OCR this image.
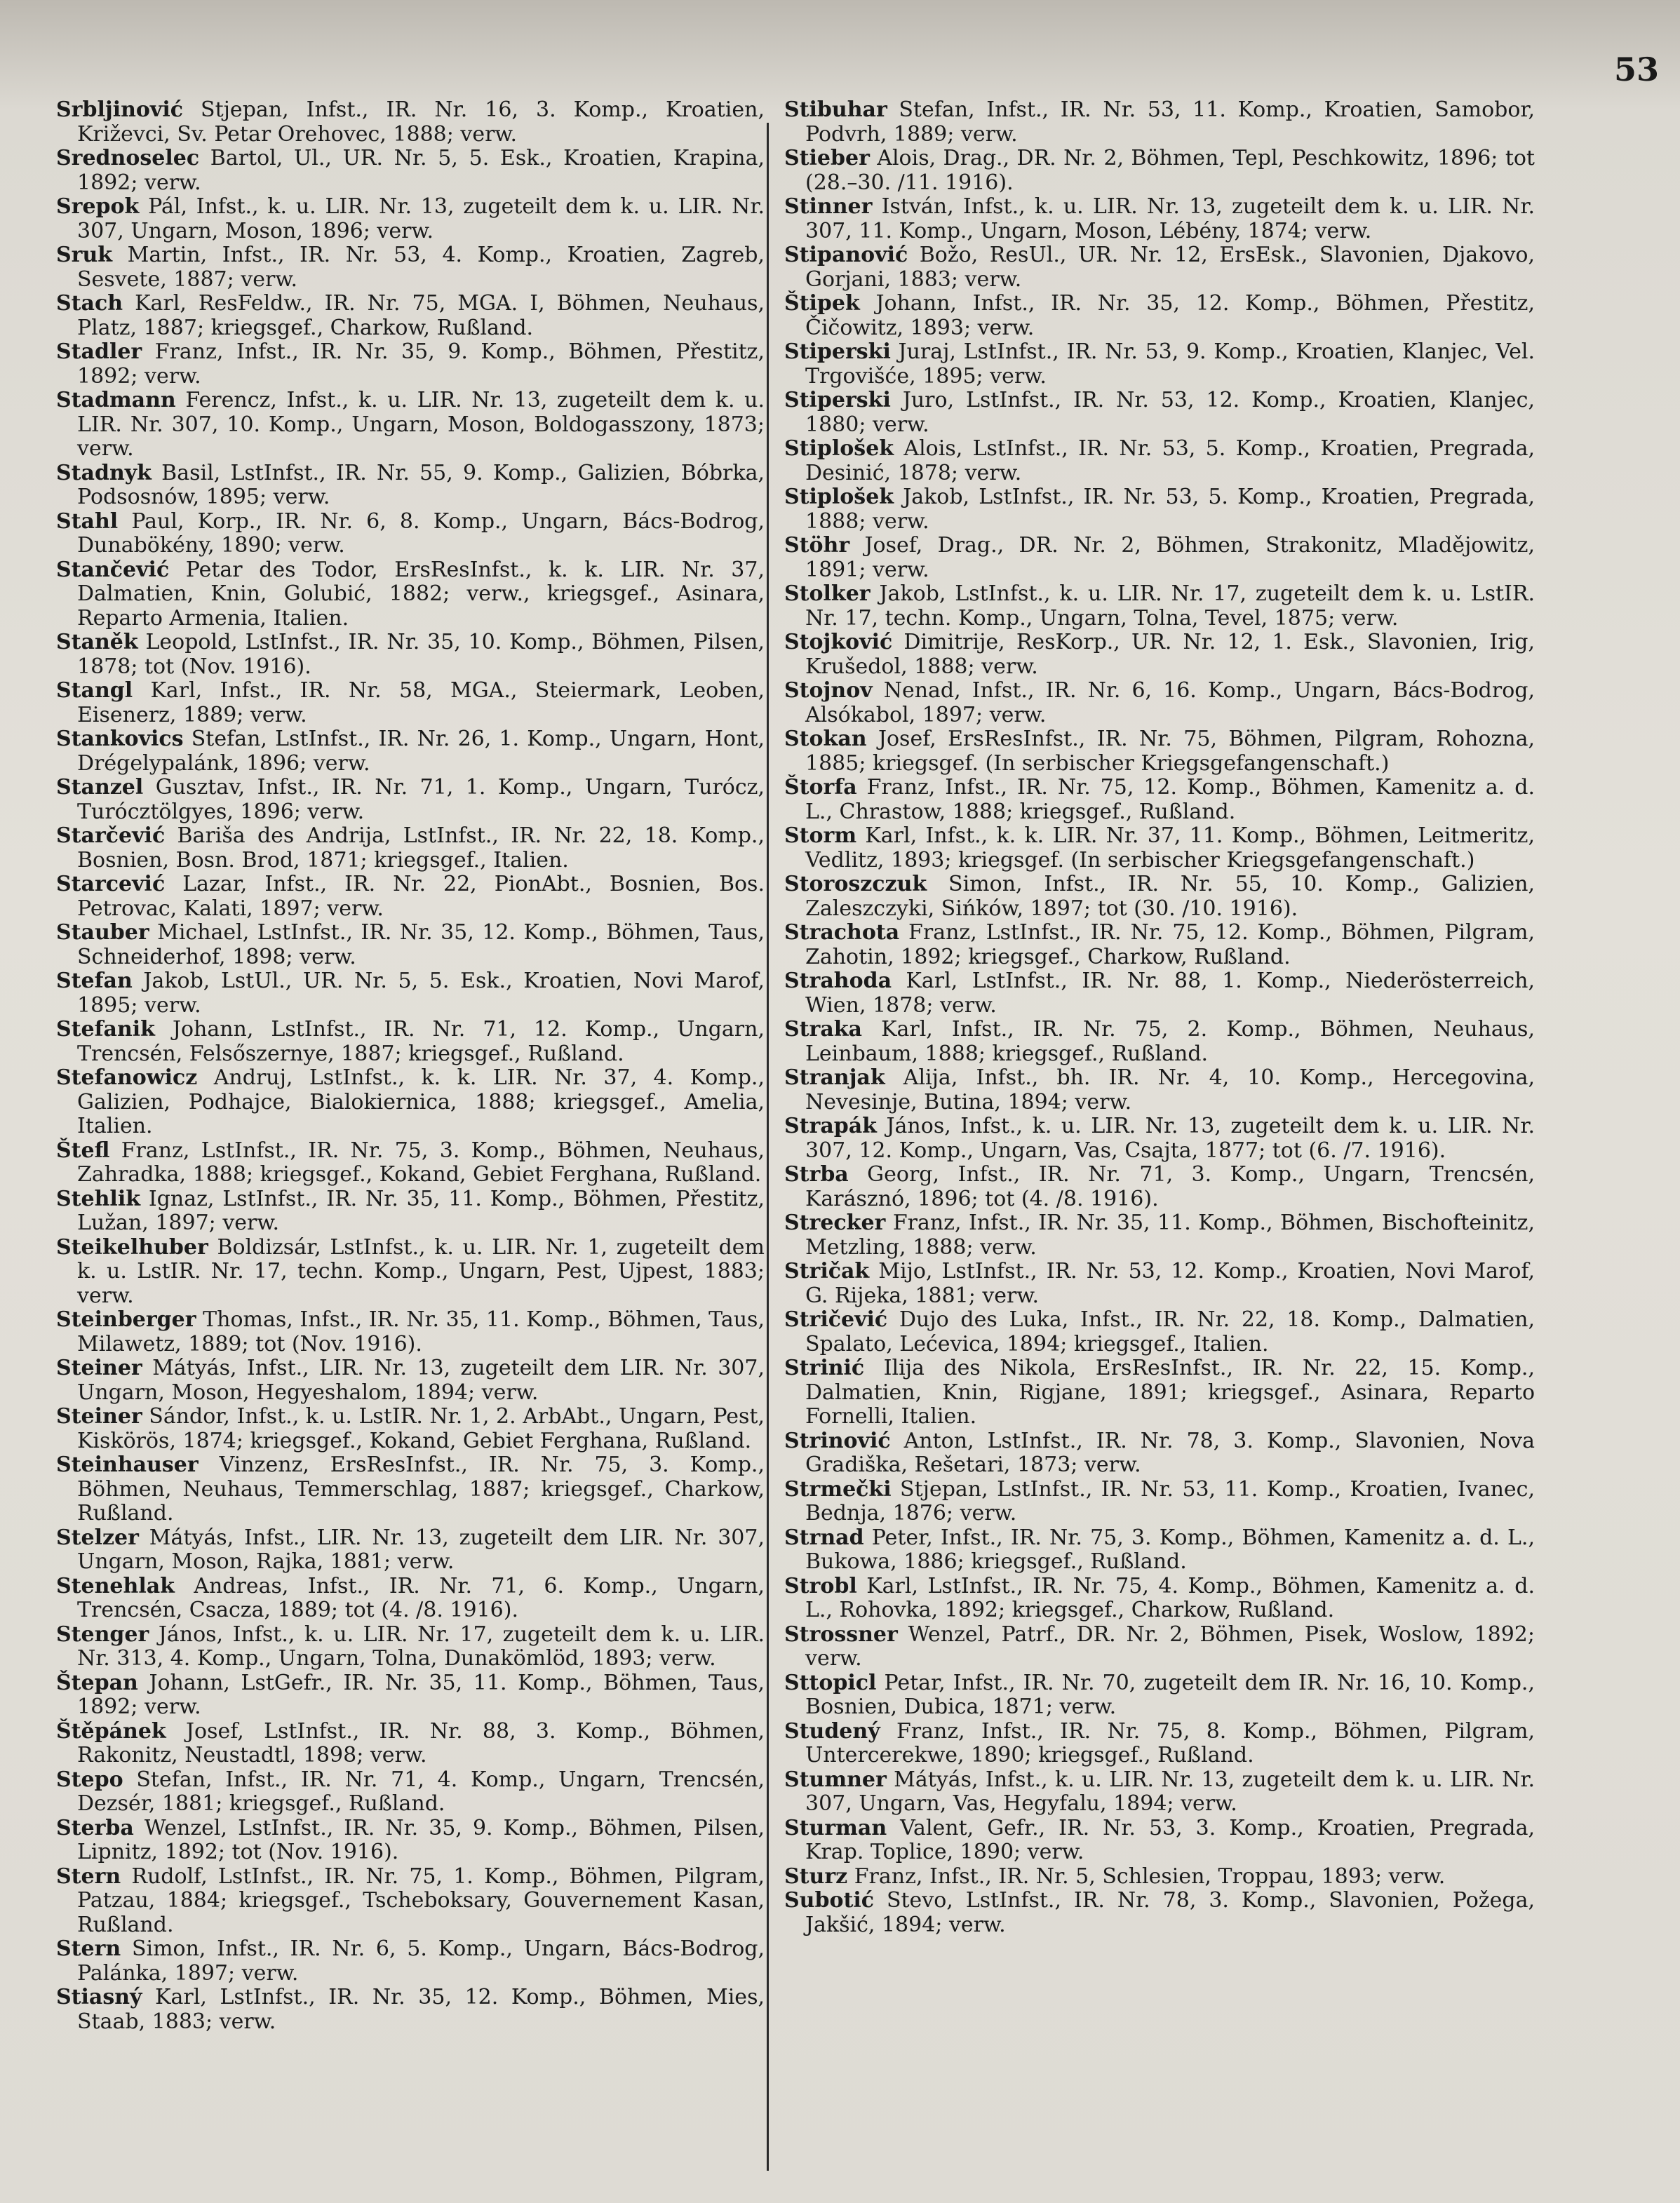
53
Srbljinović Stjepan, Infst., IR. Nr. 16, 3. Komp., Kroatien, Križevci, Sv. Petar Orehovec, 1888; verw.
Srednoselec Bartol, Ul., UR. Nr. 5, 5. Esk., Kroatien, Krapina, 1892; verw.
Srepok Pál, Infst., k. u. LIR. Nr. 13, zugeteilt dem k. u. LIR. Nr. 307, Ungarn, Moson, 1896; verw.
Sruk Martin, Infst., IR. Nr. 53, 4. Komp., Kroatien, Zagreb, Sesvete, 1887; verw.
Stach Karl, ResFeldw., IR. Nr. 75, MGA. I, Böhmen, Neuhaus, Platz, 1887; kriegsgef., Charkow, Rußland.
Stadler Franz, Infst., IR. Nr. 35, 9. Komp., Böhmen, Přestitz, 1892; verw.
Stadmann Ferencz, Infst., k. u. LIR. Nr. 13, zugeteilt dem k. u. LIR. Nr. 307, 10. Komp., Ungarn, Moson, Boldogasszony, 1873; verw.
Stadnyk Basil, LstInfst., IR. Nr. 55, 9. Komp., Galizien, Bóbrka, Podsosnów, 1895; verw.
Stahl Paul, Korp., IR. Nr. 6, 8. Komp., Ungarn, Bács-Bodrog, Dunabökény, 1890; verw.
Stančević Petar des Todor, ErsResInfst., k. k. LIR. Nr. 37, Dalmatien, Knin, Golubić, 1882; verw., kriegsgef., Asinara, Reparto Armenia, Italien.
Staněk Leopold, LstInfst., IR. Nr. 35, 10. Komp., Böhmen, Pilsen, 1878; tot (Nov. 1916).
Stangl Karl, Infst., IR. Nr. 58, MGA., Steiermark, Leoben, Eisenerz, 1889; verw.
Stankovics Stefan, LstInfst., IR. Nr. 26, 1. Komp., Ungarn, Hont, Drégelypalánk, 1896; verw.
Stanzel Gusztav, Infst., IR. Nr. 71, 1. Komp., Ungarn, Turócz, Turócztölgyes, 1896; verw.
Starčević Bariša des Andrija, LstInfst., IR. Nr. 22, 18. Komp., Bosnien, Bosn. Brod, 1871; kriegsgef., Italien.
Starcević Lazar, Infst., IR. Nr. 22, PionAbt., Bosnien, Bos. Petrovac, Kalati, 1897; verw.
Stauber Michael, LstInfst., IR. Nr. 35, 12. Komp., Böhmen, Taus, Schneiderhof, 1898; verw.
Stefan Jakob, LstUl., UR. Nr. 5, 5. Esk., Kroatien, Novi Marof, 1895; verw.
Stefanik Johann, LstInfst., IR. Nr. 71, 12. Komp., Ungarn, Trencsén, Felsőszernye, 1887; kriegsgef., Rußland.
Stefanowicz Andruj, LstInfst., k. k. LIR. Nr. 37, 4. Komp., Galizien, Podhajce, Bialokiernica, 1888; kriegsgef., Amelia, Italien.
Štefl Franz, LstInfst., IR. Nr. 75, 3. Komp., Böhmen, Neuhaus, Zahradka, 1888; kriegsgef., Kokand, Gebiet Ferghana, Rußland.
Stehlik Ignaz, LstInfst., IR. Nr. 35, 11. Komp., Böhmen, Přestitz, Lužan, 1897; verw.
Steikelhuber Boldizsár, LstInfst., k. u. LIR. Nr. 1, zugeteilt dem k. u. LstIR. Nr. 17, techn. Komp., Ungarn, Pest, Ujpest, 1883; verw.
Steinberger Thomas, Infst., IR. Nr. 35, 11. Komp., Böhmen, Taus, Milawetz, 1889; tot (Nov. 1916).
Steiner Mátyás, Infst., LIR. Nr. 13, zugeteilt dem LIR. Nr. 307, Ungarn, Moson, Hegyeshalom, 1894; verw.
Steiner Sándor, Infst., k. u. LstIR. Nr. 1, 2. ArbAbt., Ungarn, Pest, Kiskörös, 1874; kriegsgef., Kokand, Gebiet Ferghana, Rußland.
Steinhauser Vinzenz, ErsResInfst., IR. Nr. 75, 3. Komp., Böhmen, Neuhaus, Temmerschlag, 1887; kriegsgef., Charkow, Rußland.
Stelzer Mátyás, Infst., LIR. Nr. 13, zugeteilt dem LIR. Nr. 307, Ungarn, Moson, Rajka, 1881; verw.
Stenehlak Andreas, Infst., IR. Nr. 71, 6. Komp., Ungarn, Trencsén, Csacza, 1889; tot (4. /8. 1916).
Stenger János, Infst., k. u. LIR. Nr. 17, zugeteilt dem k. u. LIR. Nr. 313, 4. Komp., Ungarn, Tolna, Dunakömlöd, 1893; verw.
Štepan Johann, LstGefr., IR. Nr. 35, 11. Komp., Böhmen, Taus, 1892; verw.
Štěpánek Josef, LstInfst., IR. Nr. 88, 3. Komp., Böhmen, Rakonitz, Neustadtl, 1898; verw.
Stepo Stefan, Infst., IR. Nr. 71, 4. Komp., Ungarn, Trencsén, Dezsér, 1881; kriegsgef., Rußland.
Sterba Wenzel, LstInfst., IR. Nr. 35, 9. Komp., Böhmen, Pilsen, Lipnitz, 1892; tot (Nov. 1916).
Stern Rudolf, LstInfst., IR. Nr. 75, 1. Komp., Böhmen, Pilgram, Patzau, 1884; kriegsgef., Tscheboksary, Gouvernement Kasan, Rußland.
Stern Simon, Infst., IR. Nr. 6, 5. Komp., Ungarn, Bács-Bodrog, Palánka, 1897; verw.
Stiasný Karl, LstInfst., IR. Nr. 35, 12. Komp., Böhmen, Mies, Staab, 1883; verw.
Stibuhar Stefan, Infst., IR. Nr. 53, 11. Komp., Kroatien, Samobor, Podvrh, 1889; verw.
Stieber Alois, Drag., DR. Nr. 2, Böhmen, Tepl, Peschkowitz, 1896; tot (28.–30. /11. 1916).
Stinner István, Infst., k. u. LIR. Nr. 13, zugeteilt dem k. u. LIR. Nr. 307, 11. Komp., Ungarn, Moson, Lébény, 1874; verw.
Stipanović Božo, ResUl., UR. Nr. 12, ErsEsk., Slavonien, Djakovo, Gorjani, 1883; verw.
Štipek Johann, Infst., IR. Nr. 35, 12. Komp., Böhmen, Přestitz, Čičowitz, 1893; verw.
Stiperski Juraj, LstInfst., IR. Nr. 53, 9. Komp., Kroatien, Klanjec, Vel. Trgovišće, 1895; verw.
Stiperski Juro, LstInfst., IR. Nr. 53, 12. Komp., Kroatien, Klanjec, 1880; verw.
Stiplošek Alois, LstInfst., IR. Nr. 53, 5. Komp., Kroatien, Pregrada, Desinić, 1878; verw.
Stiplošek Jakob, LstInfst., IR. Nr. 53, 5. Komp., Kroatien, Pregrada, 1888; verw.
Stöhr Josef, Drag., DR. Nr. 2, Böhmen, Strakonitz, Mladějowitz, 1891; verw.
Stolker Jakob, LstInfst., k. u. LIR. Nr. 17, zugeteilt dem k. u. LstIR. Nr. 17, techn. Komp., Ungarn, Tolna, Tevel, 1875; verw.
Stojković Dimitrije, ResKorp., UR. Nr. 12, 1. Esk., Slavonien, Irig, Krušedol, 1888; verw.
Stojnov Nenad, Infst., IR. Nr. 6, 16. Komp., Ungarn, Bács-Bodrog, Alsókabol, 1897; verw.
Stokan Josef, ErsResInfst., IR. Nr. 75, Böhmen, Pilgram, Rohozna, 1885; kriegsgef. (In serbischer Kriegsgefangenschaft.)
Štorfa Franz, Infst., IR. Nr. 75, 12. Komp., Böhmen, Kamenitz a. d. L., Chrastow, 1888; kriegsgef., Rußland.
Storm Karl, Infst., k. k. LIR. Nr. 37, 11. Komp., Böhmen, Leitmeritz, Vedlitz, 1893; kriegsgef. (In serbischer Kriegsgefangenschaft.)
Storoszczuk Simon, Infst., IR. Nr. 55, 10. Komp., Galizien, Zaleszczyki, Sińków, 1897; tot (30. /10. 1916).
Strachota Franz, LstInfst., IR. Nr. 75, 12. Komp., Böhmen, Pilgram, Zahotin, 1892; kriegsgef., Charkow, Rußland.
Strahoda Karl, LstInfst., IR. Nr. 88, 1. Komp., Niederösterreich, Wien, 1878; verw.
Straka Karl, Infst., IR. Nr. 75, 2. Komp., Böhmen, Neuhaus, Leinbaum, 1888; kriegsgef., Rußland.
Stranjak Alija, Infst., bh. IR. Nr. 4, 10. Komp., Hercegovina, Nevesinje, Butina, 1894; verw.
Strapák János, Infst., k. u. LIR. Nr. 13, zugeteilt dem k. u. LIR. Nr. 307, 12. Komp., Ungarn, Vas, Csajta, 1877; tot (6. /7. 1916).
Strba Georg, Infst., IR. Nr. 71, 3. Komp., Ungarn, Trencsén, Karásznó, 1896; tot (4. /8. 1916).
Strecker Franz, Infst., IR. Nr. 35, 11. Komp., Böhmen, Bischofteinitz, Metzling, 1888; verw.
Stričak Mijo, LstInfst., IR. Nr. 53, 12. Komp., Kroatien, Novi Marof, G. Rijeka, 1881; verw.
Stričević Dujo des Luka, Infst., IR. Nr. 22, 18. Komp., Dalmatien, Spalato, Lećevica, 1894; kriegsgef., Italien.
Strinić Ilija des Nikola, ErsResInfst., IR. Nr. 22, 15. Komp., Dalmatien, Knin, Rigjane, 1891; kriegsgef., Asinara, Reparto Fornelli, Italien.
Strinović Anton, LstInfst., IR. Nr. 78, 3. Komp., Slavonien, Nova Gradiška, Rešetari, 1873; verw.
Strmečki Stjepan, LstInfst., IR. Nr. 53, 11. Komp., Kroatien, Ivanec, Bednja, 1876; verw.
Strnad Peter, Infst., IR. Nr. 75, 3. Komp., Böhmen, Kamenitz a. d. L., Bukowa, 1886; kriegsgef., Rußland.
Strobl Karl, LstInfst., IR. Nr. 75, 4. Komp., Böhmen, Kamenitz a. d. L., Rohovka, 1892; kriegsgef., Charkow, Rußland.
Strossner Wenzel, Patrf., DR. Nr. 2, Böhmen, Pisek, Woslow, 1892; verw.
Sttopicl Petar, Infst., IR. Nr. 70, zugeteilt dem IR. Nr. 16, 10. Komp., Bosnien, Dubica, 1871; verw.
Studený Franz, Infst., IR. Nr. 75, 8. Komp., Böhmen, Pilgram, Untercerekwe, 1890; kriegsgef., Rußland.
Stumner Mátyás, Infst., k. u. LIR. Nr. 13, zugeteilt dem k. u. LIR. Nr. 307, Ungarn, Vas, Hegyfalu, 1894; verw.
Sturman Valent, Gefr., IR. Nr. 53, 3. Komp., Kroatien, Pregrada, Krap. Toplice, 1890; verw.
Sturz Franz, Infst., IR. Nr. 5, Schlesien, Troppau, 1893; verw.
Subotić Stevo, LstInfst., IR. Nr. 78, 3. Komp., Slavonien, Požega, Jakšić, 1894; verw.
